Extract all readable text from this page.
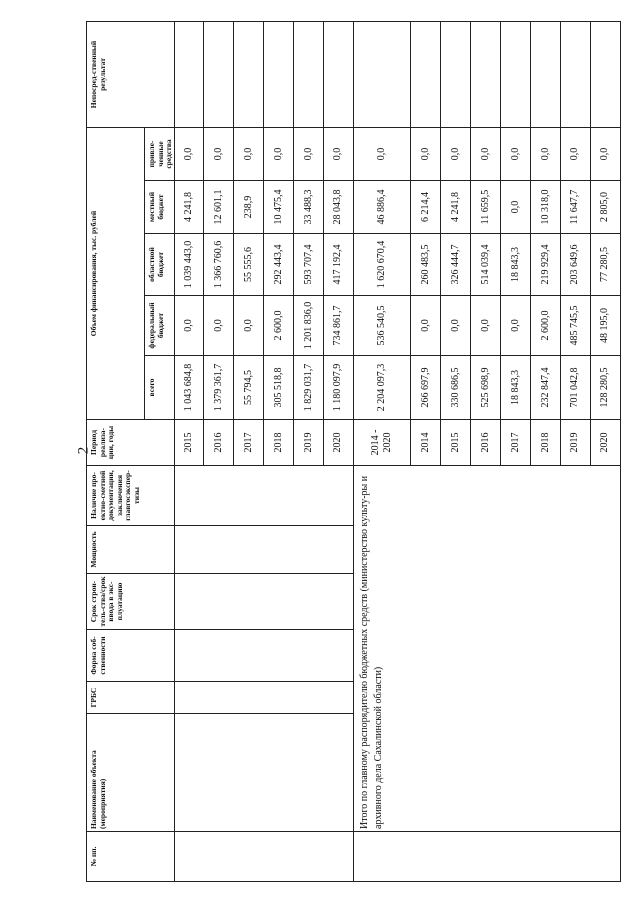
2
№ пп.	Наименование объекта (мероприятия)	ГРБС	Форма соб-ственности	Срок строи-тель-ства/срок ввода в экс-плуатацию	Мощность	Наличие про-ектно-сметной документации, заключения главгосэкспер-тизы	Период реализа-ции, годы	Объем финансирования, тыс. рублей					Непосред-ственный результат
								всего	федеральный бюджет	областной бюджет	местный бюджет	привле-ченные средства	
							2015	1 043 684,8	0,0	1 039 443,0	4 241,8	0,0	
							2016	1 379 361,7	0,0	1 366 760,6	12 601,1	0,0	
							2017	55 794,5	0,0	55 555,6	238,9	0,0	
							2018	305 518,8	2 600,0	292 443,4	10 475,4	0,0	
							2019	1 829 031,7	1 201 836,0	593 707,4	33 488,3	0,0	
							2020	1 180 097,9	734 861,7	417 192,4	28 043,8	0,0	
	Итого по главному распорядителю бюджетных средств (министерство культу-ры и архивного дела Сахалинской области)						2014 - 2020	2 204 097,3	536 540,5	1 620 670,4	46 886,4	0,0	
							2014	266 697,9	0,0	260 483,5	6 214,4	0,0	
							2015	330 686,5	0,0	326 444,7	4 241,8	0,0	
							2016	525 698,9	0,0	514 039,4	11 659,5	0,0	
							2017	18 843,3	0,0	18 843,3	0,0	0,0	
							2018	232 847,4	2 600,0	219 929,4	10 318,0	0,0	
							2019	701 042,8	485 745,5	203 649,6	11 647,7	0,0	
							2020	128 280,5	48 195,0	77 280,5	2 805,0	0,0	
